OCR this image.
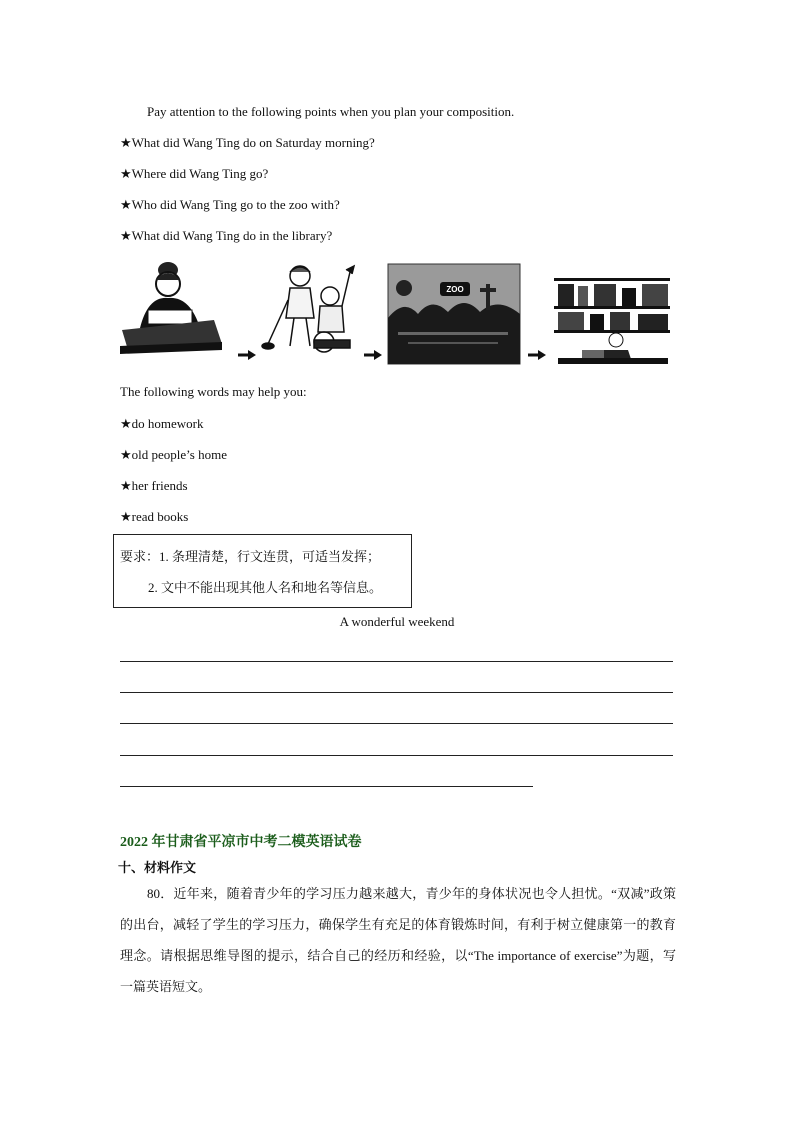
Pay attention to the following points when you plan your composition.
★What did Wang Ting do on Saturday morning?
★Where did Wang Ting go?
★Who did Wang Ting go to the zoo with?
★What did Wang Ting do in the library?
ZOO
The following words may help you:
★do homework
★old people’s home
★her friends
★read books
要求：1. 条理清楚，行文连贯，可适当发挥；
2. 文中不能出现其他人名和地名等信息。
A wonderful weekend
2022 年甘肃省平凉市中考二模英语试卷
十、材料作文
80．近年来，随着青少年的学习压力越来越大，青少年的身体状况也令人担忧。“双减”政策的出台，减轻了学生的学习压力，确保学生有充足的体育锻炼时间，有利于树立健康第一的教育理念。请根据思维导图的提示，结合自己的经历和经验，以“The importance of exercise”为题，写一篇英语短文。
